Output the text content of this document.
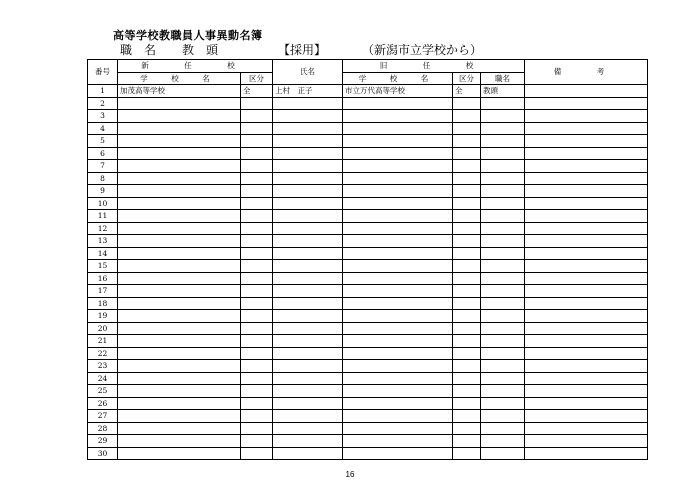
高等学校教職員人事異動名簿
職　名 教　頭	【採用】	（新潟市立学校から）
番号	新　任　校		氏名	旧　任　校			備　考
	学　校　名	区分		学　校　名	区分	職名	
1	加茂高等学校	全	上村　正子	市立万代高等学校	全	教頭	
2							
3							
4							
5							
6							
7							
8							
9							
10							
11							
12							
13							
14							
15							
16							
17							
18							
19							
20							
21							
22							
23							
24							
25							
26							
27							
28							
29							
30							
16
